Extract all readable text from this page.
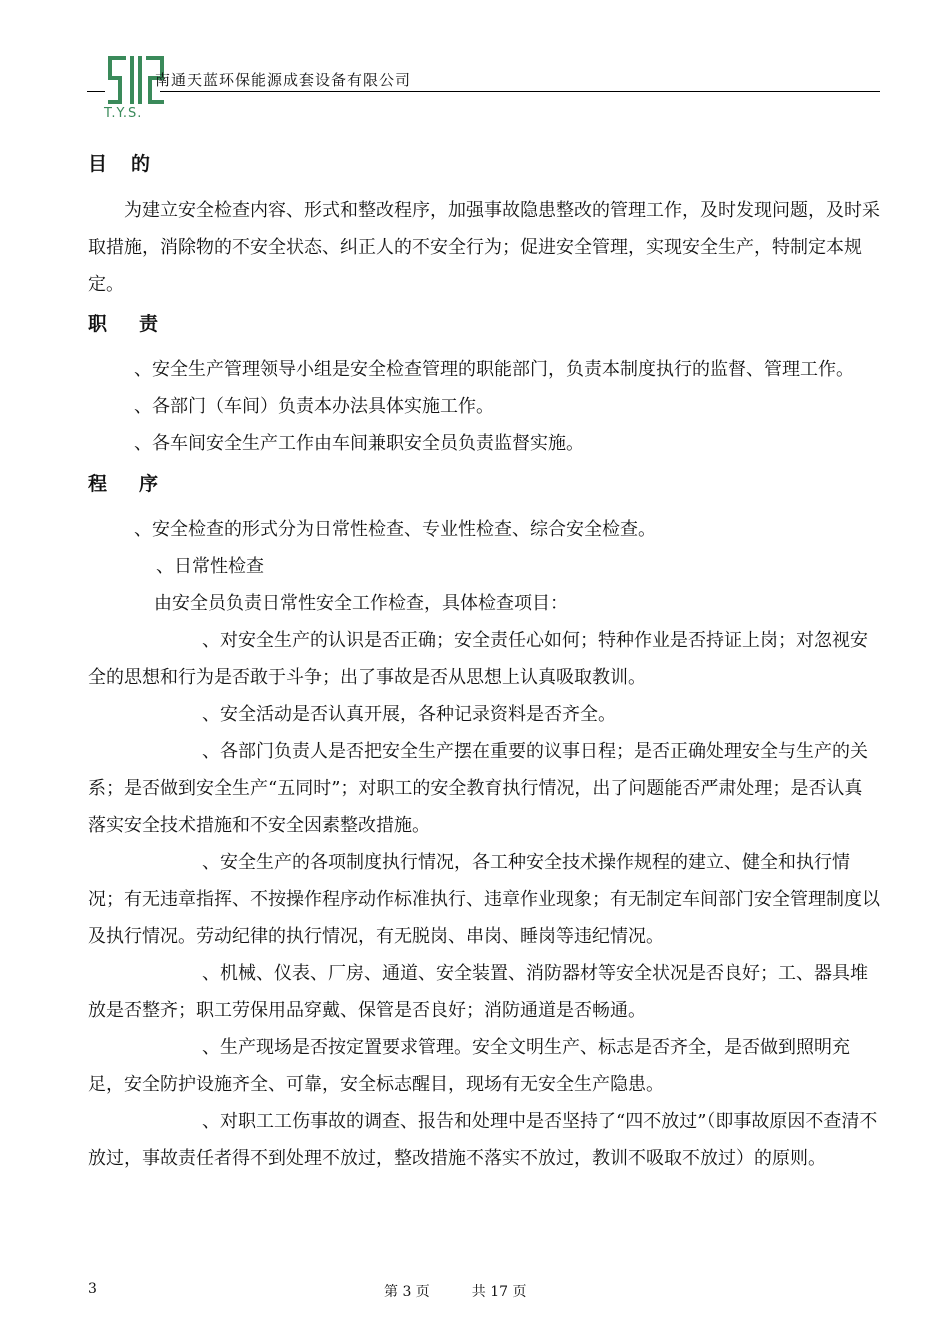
T.Y.S.
南通天蓝环保能源成套设备有限公司
目的

为建立安全检查内容、形式和整改程序，加强事故隐患整改的管理工作，及时发现问题，及时采取措施，消除物的不安全状态、纠正人的不安全行为；促进安全管理，实现安全生产，特制定本规定。

职责

、安全生产管理领导小组是安全检查管理的职能部门，负责本制度执行的监督、管理工作。

、各部门（车间）负责本办法具体实施工作。

、各车间安全生产工作由车间兼职安全员负责监督实施。

程序

、安全检查的形式分为日常性检查、专业性检查、综合安全检查。

、日常性检查

由安全员负责日常性安全工作检查，具体检查项目：

、对安全生产的认识是否正确；安全责任心如何；特种作业是否持证上岗；对忽视安全的思想和行为是否敢于斗争；出了事故是否从思想上认真吸取教训。

、安全活动是否认真开展，各种记录资料是否齐全。

、各部门负责人是否把安全生产摆在重要的议事日程；是否正确处理安全与生产的关系；是否做到安全生产“五同时”；对职工的安全教育执行情况，出了问题能否严肃处理；是否认真落实安全技术措施和不安全因素整改措施。

、安全生产的各项制度执行情况，各工种安全技术操作规程的建立、健全和执行情况；有无违章指挥、不按操作程序动作标准执行、违章作业现象；有无制定车间部门安全管理制度以及执行情况。劳动纪律的执行情况，有无脱岗、串岗、睡岗等违纪情况。

、机械、仪表、厂房、通道、安全装置、消防器材等安全状况是否良好；工、器具堆放是否整齐；职工劳保用品穿戴、保管是否良好；消防通道是否畅通。

、生产现场是否按定置要求管理。安全文明生产、标志是否齐全，是否做到照明充足，安全防护设施齐全、可靠，安全标志醒目，现场有无安全生产隐患。

、对职工工伤事故的调查、报告和处理中是否坚持了“四不放过”（即事故原因不查清不放过，事故责任者得不到处理不放过，整改措施不落实不放过，教训不吸取不放过）的原则。

3	第 3 页　　　共 17 页
